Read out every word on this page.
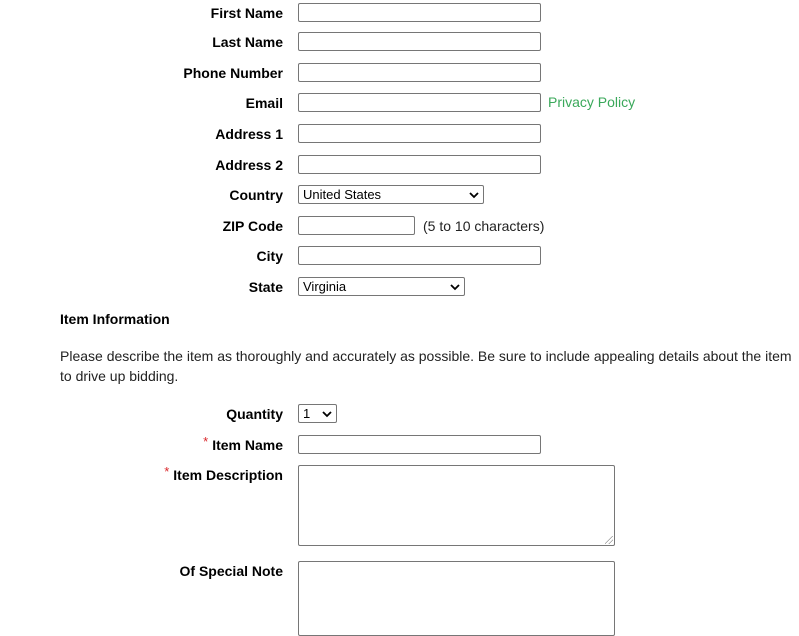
First Name
Last Name
Phone Number
Email	Privacy Policy
Address 1
Address 2
Country	United States
ZIP Code	(5 to 10 characters)
City
State	Virginia
Item Information
Please describe the item as thoroughly and accurately as possible. Be sure to include appealing details about the item to drive up bidding.
Quantity	1
* Item Name
* Item Description
Of Special Note
